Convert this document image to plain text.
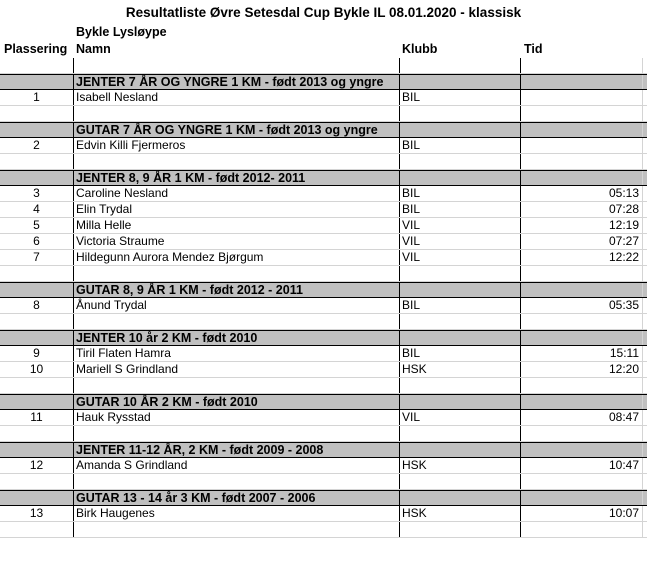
Resultatliste Øvre Setesdal Cup Bykle IL 08.01.2020 - klassisk
Bykle Lysløype
Plassering Namn	Klubb	Tid
JENTER 7 ÅR OG YNGRE 1 KM - født 2013 og yngre
1	Isabell Nesland	BIL
GUTAR 7 ÅR OG YNGRE 1 KM - født 2013 og yngre
2	Edvin Killi Fjermeros	BIL
JENTER 8, 9 ÅR 1 KM - født 2012- 2011
3	Caroline Nesland	BIL	05:13
4	Elin Trydal	BIL	07:28
5	Milla Helle	VIL	12:19
6	Victoria Straume	VIL	07:27
7	Hildegunn Aurora Mendez Bjørgum	VIL	12:22
GUTAR 8, 9 ÅR 1 KM - født 2012 - 2011
8	Ånund Trydal	BIL	05:35
JENTER 10 år 2 KM - født 2010
9	Tiril Flaten Hamra	BIL	15:11
10	Mariell S Grindland	HSK	12:20
GUTAR 10 ÅR 2 KM - født 2010
11	Hauk Rysstad	VIL	08:47
JENTER 11-12 ÅR, 2 KM - født 2009 - 2008
12	Amanda S Grindland	HSK	10:47
GUTAR 13 - 14 år 3 KM - født 2007 - 2006
13	Birk Haugenes	HSK	10:07
